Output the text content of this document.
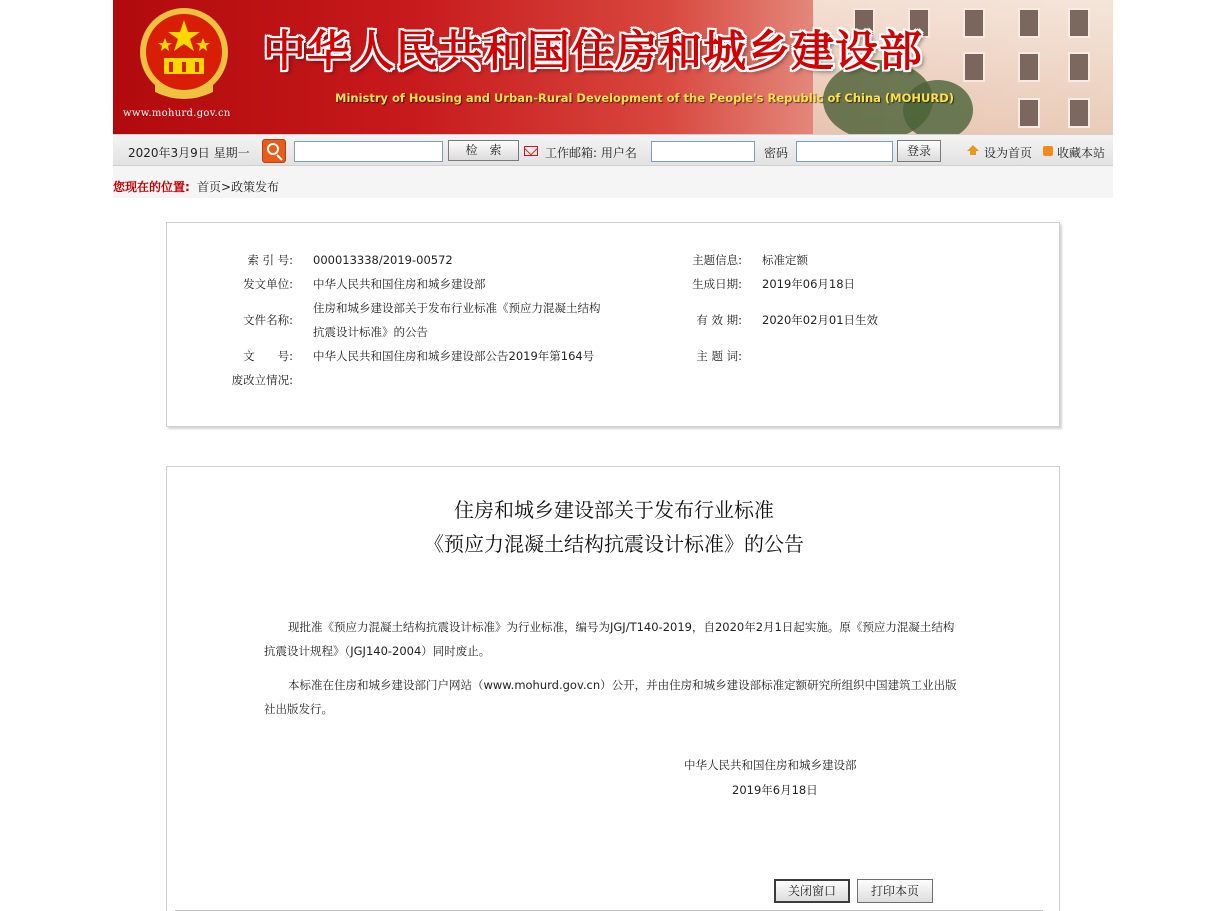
www.mohurd.gov.cn
中华人民共和国住房和城乡建设部
Ministry of Housing and Urban-Rural Development of the People's Republic of China (MOHURD)
2020年3月9日 星期一	检索	工作邮箱: 用户名	密码	登录	设为首页 收藏本站
您现在的位置: 首页>政策发布
索 引 号: 000013338/2019-00572
发文单位: 中华人民共和国住房和城乡建设部
文件名称:
住房和城乡建设部关于发布行业标准《预应力混凝土结构
抗震设计标准》的公告
文　　号: 中华人民共和国住房和城乡建设部公告2019年第164号
废改立情况:
主题信息: 标准定额
生成日期: 2019年06月18日
有 效 期: 2020年02月01日生效
主 题 词:
住房和城乡建设部关于发布行业标准
《预应力混凝土结构抗震设计标准》的公告

现批准《预应力混凝土结构抗震设计标准》为行业标准，编号为JGJ/T140-2019，自2020年2月1日起实施。原《预应力混凝土结构抗震设计规程》（JGJ140-2004）同时废止。

本标准在住房和城乡建设部门户网站（www.mohurd.gov.cn）公开，并由住房和城乡建设部标准定额研究所组织中国建筑工业出版社出版发行。

中华人民共和国住房和城乡建设部
2019年6月18日
关闭窗口	打印本页
